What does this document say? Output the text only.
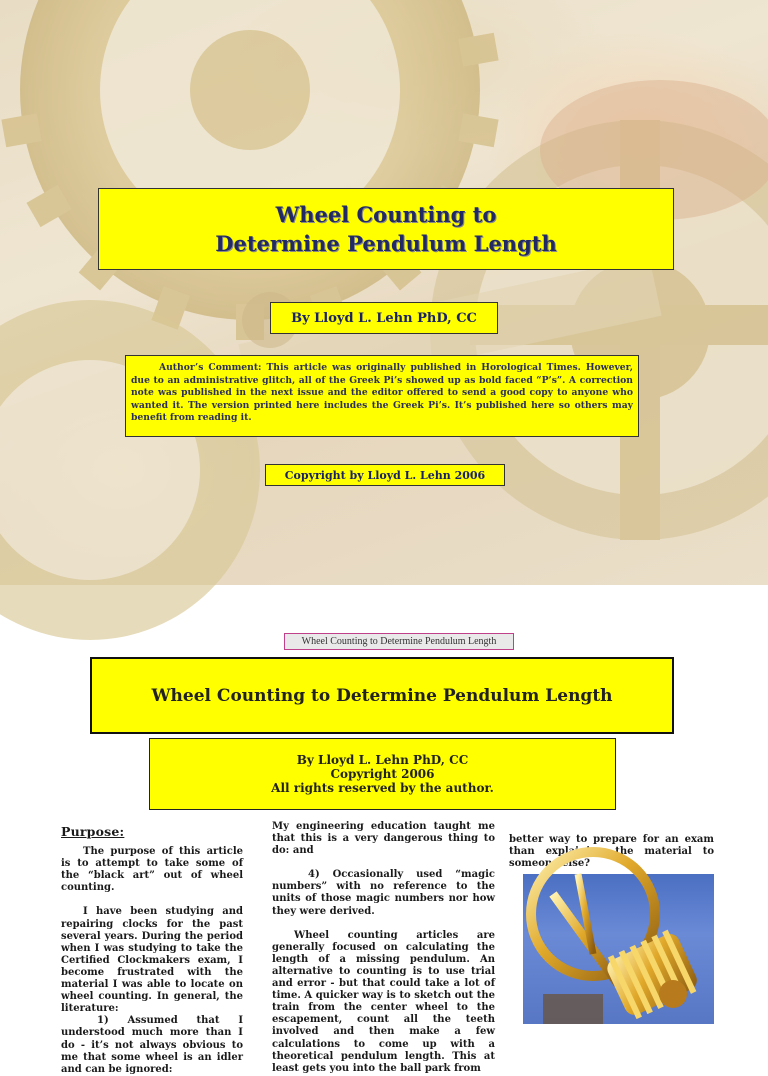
Wheel Counting to
Determine Pendulum Length
By Lloyd L. Lehn PhD, CC
Author’s Comment: This article was originally published in Horological Times. However, due to an administrative glitch, all of the Greek Pi’s showed up as bold faced “P’s”. A correction note was published in the next issue and the editor offered to send a good copy to anyone who wanted it. The version printed here includes the Greek Pi’s. It’s published here so others may benefit from reading it.
Copyright by Lloyd L. Lehn 2006
Wheel Counting to Determine Pendulum Length
Wheel Counting to Determine Pendulum Length
By Lloyd L. Lehn PhD, CC
Copyright 2006
All rights reserved by the author.

Purpose:

The purpose of this article is to attempt to take some of the “black art” out of wheel counting.

I have been studying and repairing clocks for the past several years. During the period when I was studying to take the Certified Clockmakers exam, I become frustrated with the material I was able to locate on wheel counting. In general, the literature:

1) Assumed that I understood much more than I do - it’s not always obvious to me that some wheel is an idler and can be ignored:

My engineering education taught me that this is a very dangerous thing to do: and

4) Occasionally used “magic numbers” with no reference to the units of those magic numbers nor how they were derived.

Wheel counting articles are generally focused on calculating the length of a missing pendulum. An alternative to counting is to use trial and error - but that could take a lot of time. A quicker way is to sketch out the train from the center wheel to the escapement, count all the teeth involved and then make a few calculations to come up with a theoretical pendulum length. This at least gets you into the ball park from

better way to prepare for an exam than explaining the material to someone else?
